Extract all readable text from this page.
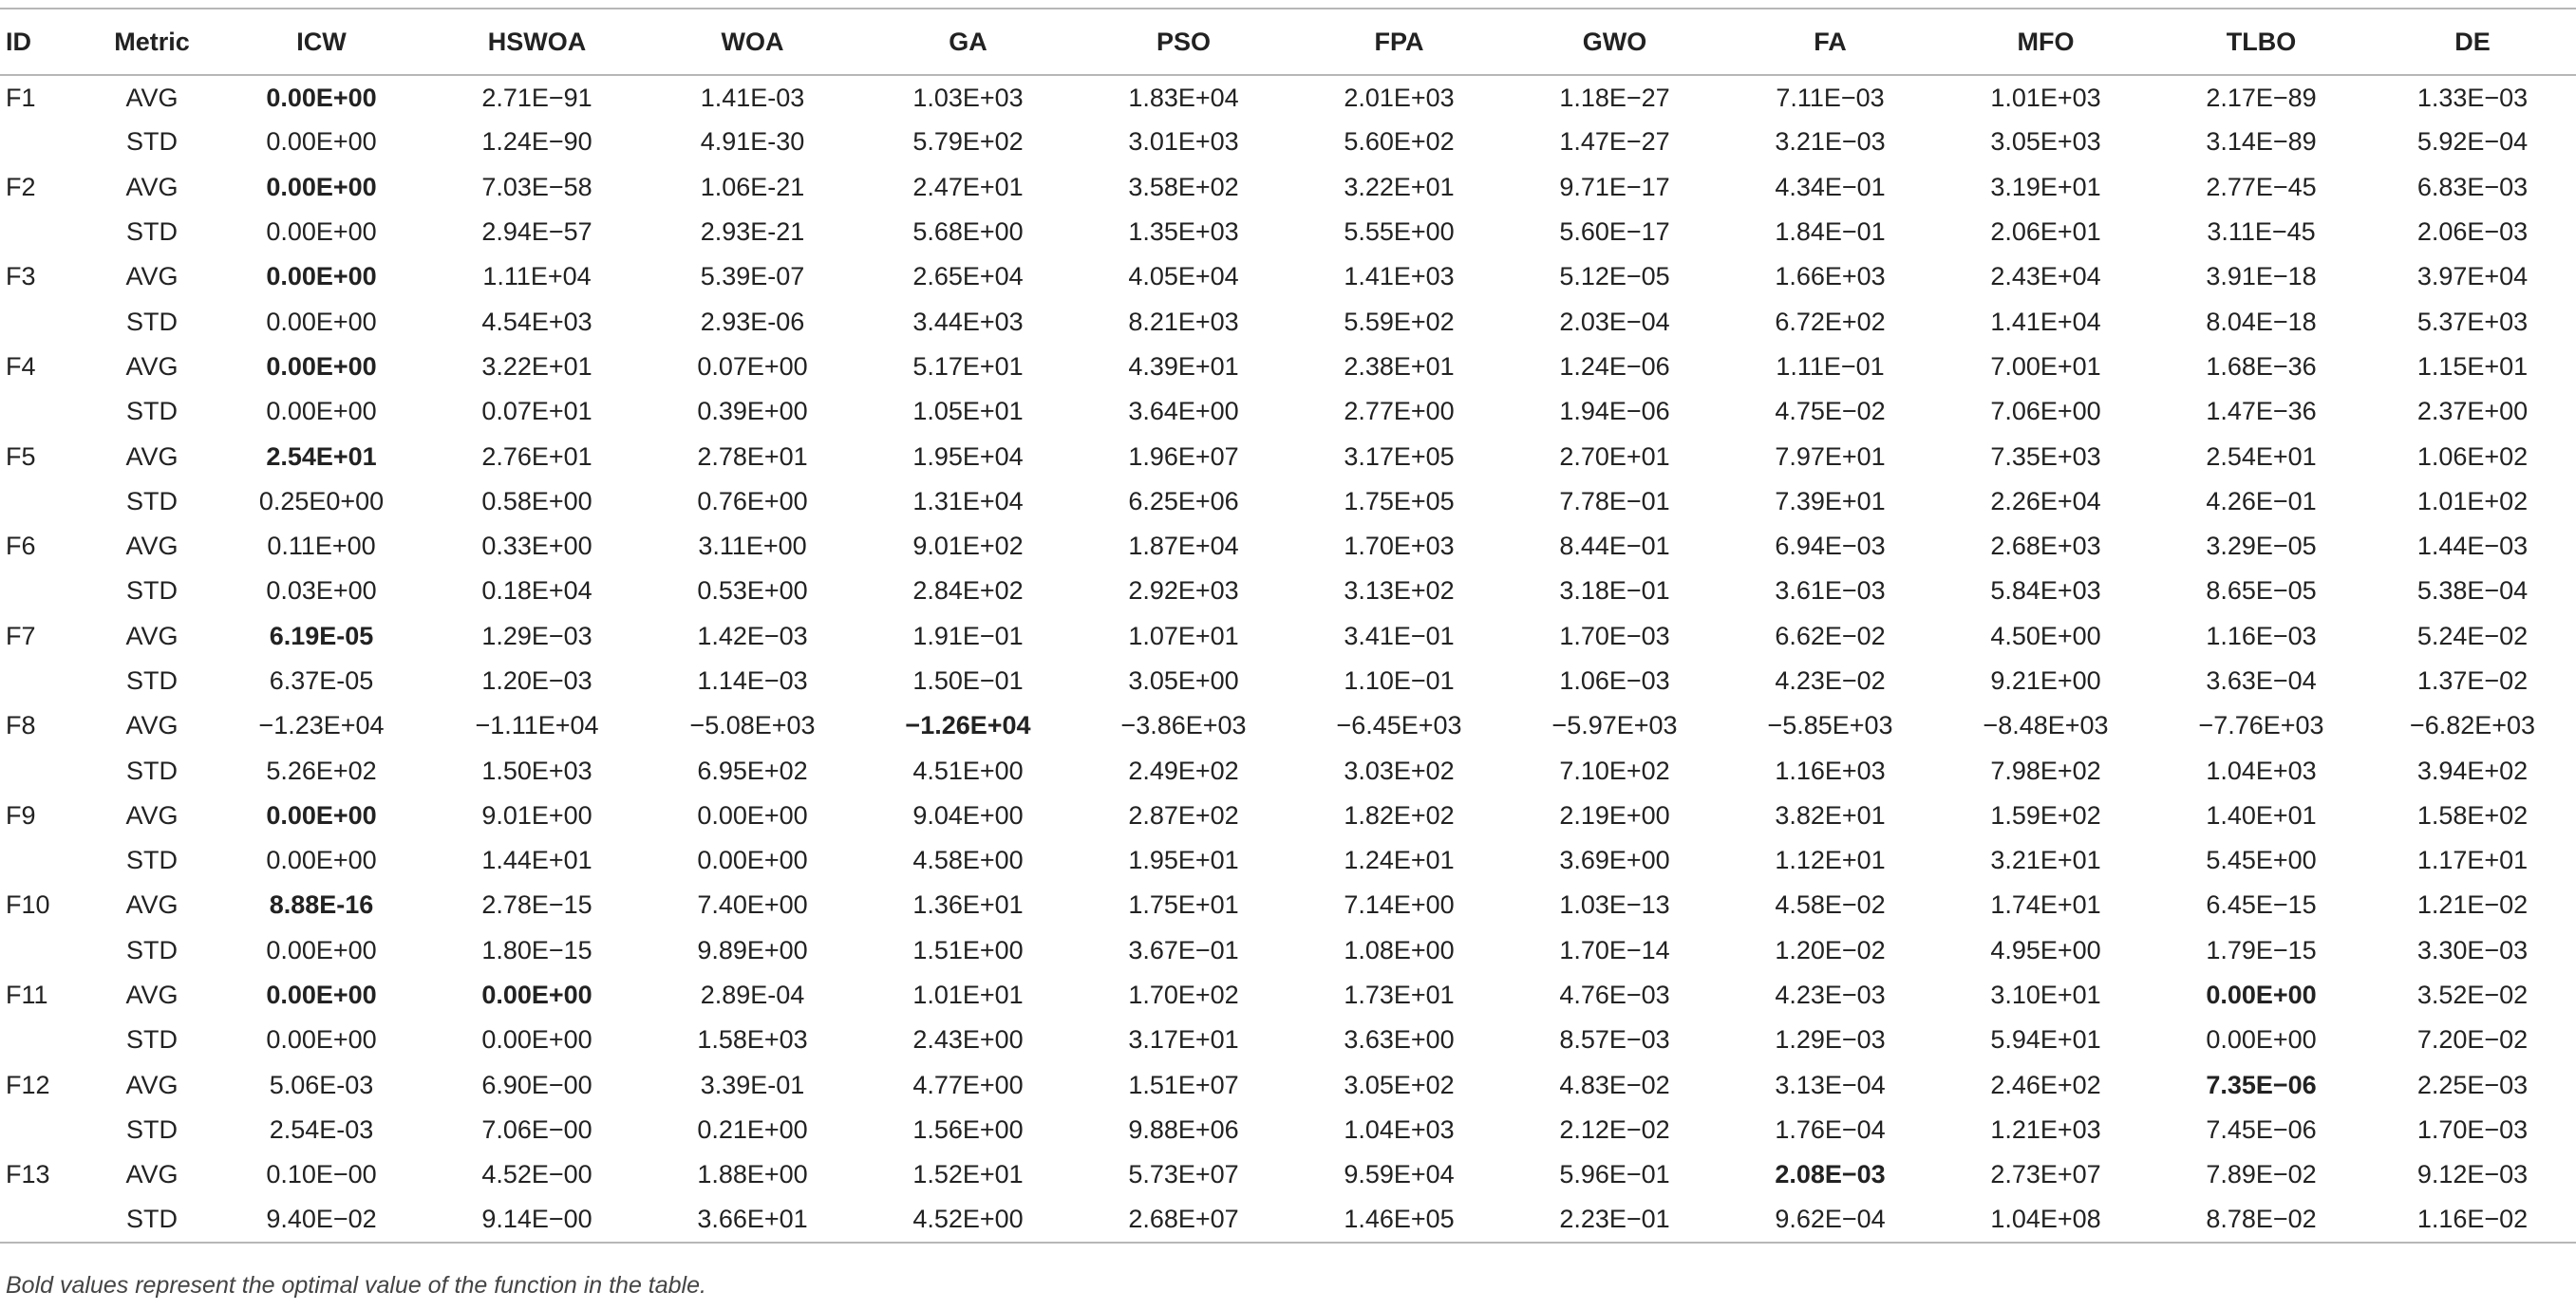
ID	Metric	ICW	HSWOA	WOA	GA	PSO	FPA	GWO	FA	MFO	TLBO	DE
F1	AVG	0.00E+00	2.71E−91	1.41E-03	1.03E+03	1.83E+04	2.01E+03	1.18E−27	7.11E−03	1.01E+03	2.17E−89	1.33E−03
	STD	0.00E+00	1.24E−90	4.91E-30	5.79E+02	3.01E+03	5.60E+02	1.47E−27	3.21E−03	3.05E+03	3.14E−89	5.92E−04
F2	AVG	0.00E+00	7.03E−58	1.06E-21	2.47E+01	3.58E+02	3.22E+01	9.71E−17	4.34E−01	3.19E+01	2.77E−45	6.83E−03
	STD	0.00E+00	2.94E−57	2.93E-21	5.68E+00	1.35E+03	5.55E+00	5.60E−17	1.84E−01	2.06E+01	3.11E−45	2.06E−03
F3	AVG	0.00E+00	1.11E+04	5.39E-07	2.65E+04	4.05E+04	1.41E+03	5.12E−05	1.66E+03	2.43E+04	3.91E−18	3.97E+04
	STD	0.00E+00	4.54E+03	2.93E-06	3.44E+03	8.21E+03	5.59E+02	2.03E−04	6.72E+02	1.41E+04	8.04E−18	5.37E+03
F4	AVG	0.00E+00	3.22E+01	0.07E+00	5.17E+01	4.39E+01	2.38E+01	1.24E−06	1.11E−01	7.00E+01	1.68E−36	1.15E+01
	STD	0.00E+00	0.07E+01	0.39E+00	1.05E+01	3.64E+00	2.77E+00	1.94E−06	4.75E−02	7.06E+00	1.47E−36	2.37E+00
F5	AVG	2.54E+01	2.76E+01	2.78E+01	1.95E+04	1.96E+07	3.17E+05	2.70E+01	7.97E+01	7.35E+03	2.54E+01	1.06E+02
	STD	0.25E0+00	0.58E+00	0.76E+00	1.31E+04	6.25E+06	1.75E+05	7.78E−01	7.39E+01	2.26E+04	4.26E−01	1.01E+02
F6	AVG	0.11E+00	0.33E+00	3.11E+00	9.01E+02	1.87E+04	1.70E+03	8.44E−01	6.94E−03	2.68E+03	3.29E−05	1.44E−03
	STD	0.03E+00	0.18E+04	0.53E+00	2.84E+02	2.92E+03	3.13E+02	3.18E−01	3.61E−03	5.84E+03	8.65E−05	5.38E−04
F7	AVG	6.19E-05	1.29E−03	1.42E−03	1.91E−01	1.07E+01	3.41E−01	1.70E−03	6.62E−02	4.50E+00	1.16E−03	5.24E−02
	STD	6.37E-05	1.20E−03	1.14E−03	1.50E−01	3.05E+00	1.10E−01	1.06E−03	4.23E−02	9.21E+00	3.63E−04	1.37E−02
F8	AVG	−1.23E+04	−1.11E+04	−5.08E+03	−1.26E+04	−3.86E+03	−6.45E+03	−5.97E+03	−5.85E+03	−8.48E+03	−7.76E+03	−6.82E+03
	STD	5.26E+02	1.50E+03	6.95E+02	4.51E+00	2.49E+02	3.03E+02	7.10E+02	1.16E+03	7.98E+02	1.04E+03	3.94E+02
F9	AVG	0.00E+00	9.01E+00	0.00E+00	9.04E+00	2.87E+02	1.82E+02	2.19E+00	3.82E+01	1.59E+02	1.40E+01	1.58E+02
	STD	0.00E+00	1.44E+01	0.00E+00	4.58E+00	1.95E+01	1.24E+01	3.69E+00	1.12E+01	3.21E+01	5.45E+00	1.17E+01
F10	AVG	8.88E-16	2.78E−15	7.40E+00	1.36E+01	1.75E+01	7.14E+00	1.03E−13	4.58E−02	1.74E+01	6.45E−15	1.21E−02
	STD	0.00E+00	1.80E−15	9.89E+00	1.51E+00	3.67E−01	1.08E+00	1.70E−14	1.20E−02	4.95E+00	1.79E−15	3.30E−03
F11	AVG	0.00E+00	0.00E+00	2.89E-04	1.01E+01	1.70E+02	1.73E+01	4.76E−03	4.23E−03	3.10E+01	0.00E+00	3.52E−02
	STD	0.00E+00	0.00E+00	1.58E+03	2.43E+00	3.17E+01	3.63E+00	8.57E−03	1.29E−03	5.94E+01	0.00E+00	7.20E−02
F12	AVG	5.06E-03	6.90E−00	3.39E-01	4.77E+00	1.51E+07	3.05E+02	4.83E−02	3.13E−04	2.46E+02	7.35E−06	2.25E−03
	STD	2.54E-03	7.06E−00	0.21E+00	1.56E+00	9.88E+06	1.04E+03	2.12E−02	1.76E−04	1.21E+03	7.45E−06	1.70E−03
F13	AVG	0.10E−00	4.52E−00	1.88E+00	1.52E+01	5.73E+07	9.59E+04	5.96E−01	2.08E−03	2.73E+07	7.89E−02	9.12E−03
	STD	9.40E−02	9.14E−00	3.66E+01	4.52E+00	2.68E+07	1.46E+05	2.23E−01	9.62E−04	1.04E+08	8.78E−02	1.16E−02
Bold values represent the optimal value of the function in the table.
